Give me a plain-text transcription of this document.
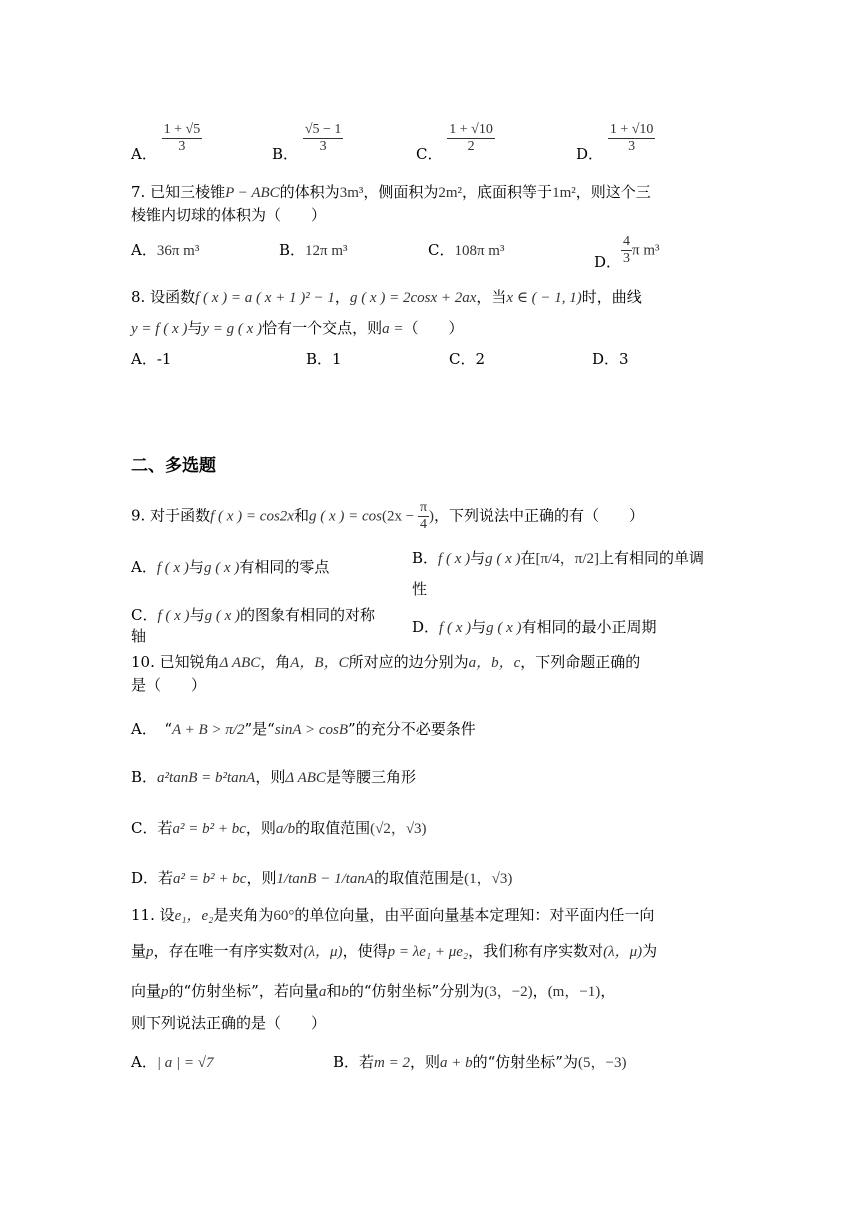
A． $\frac{1 + √5}{3}$	B． $\frac{√5 - 1}{3}$	C． $\frac{1 + √10}{2}$	D． $\frac{1 + √10}{3}$
7. 已知三棱锥P − ABC的体积为3m³，侧面积为2m²，底面积等于1m²，则这个三
棱锥内切球的体积为（　　）
A．36π m³	B．12π m³	C．108π m³
D． $\frac{4}{3}$ π m³
8. 设函数f ( x ) = a ( x + 1 )² − 1，g ( x ) = 2cosx + 2ax，当x ∈ ( − 1, 1)时，曲线
y = f ( x )与y = g ( x )恰有一个交点，则a =（　　）
A．-1	B．1	C．2	D．3
二、多选题
9. 对于函数f ( x ) = cos2x和g ( x ) = $\cos(2x - \frac{\pi}{4}$ )，下列说法中正确的有（　　）
A．f ( x )与g ( x )有相同的零点	B．f ( x )与g ( x )在[π/4，π/2]上有相同的单调
性
C．f ( x )与g ( x )的图象有相同的对称
轴	D．f ( x )与g ( x )有相同的最小正周期
10. 已知锐角Δ ABC，角A，B，C所对应的边分别为a，b，c，下列命题正确的
是（　　）
A．　“A + B > π/2”是“sinA > cosB”的充分不必要条件
B．a²tanB = b²tanA，则Δ ABC是等腰三角形
C．若a² = b² + bc，则a/b的取值范围(√2，√3)
D．若a² = b² + bc，则1/tanB − 1/tanA的取值范围是(1，√3)
11. 设e₁，e₂是夹角为60°的单位向量，由平面向量基本定理知：对平面内任一向
量p，存在唯一有序实数对(λ，μ)，使得p = λe₁ + μe₂，我们称有序实数对(λ，μ)为
向量p的“仿射坐标”，若向量a和b的“仿射坐标”分别为(3，−2)，(m，−1)，
则下列说法正确的是（　　）
A．| a | = √7	B．若m = 2，则a + b的“仿射坐标”为(5，−3)
